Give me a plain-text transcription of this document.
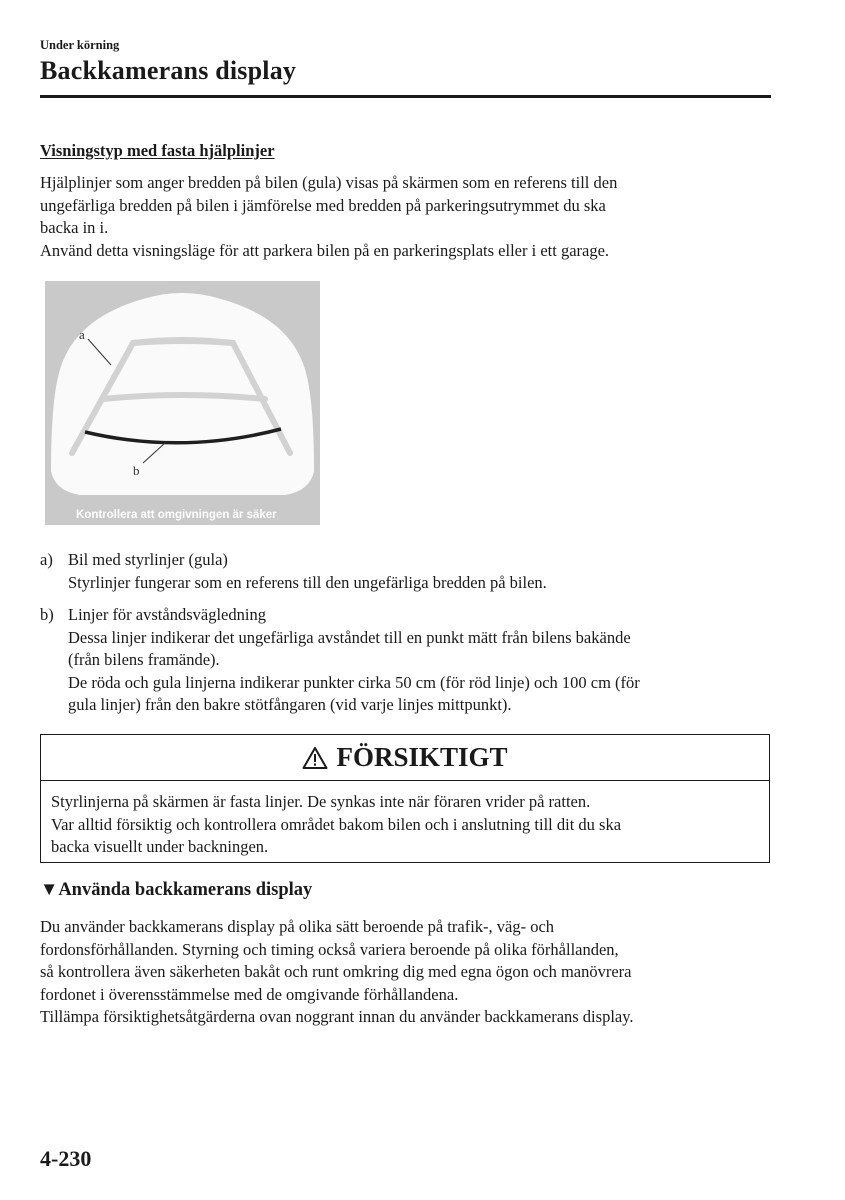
Under körning
Backkamerans display
Visningstyp med fasta hjälplinjer
Hjälplinjer som anger bredden på bilen (gula) visas på skärmen som en referens till den
ungefärliga bredden på bilen i jämförelse med bredden på parkeringsutrymmet du ska
backa in i.
Använd detta visningsläge för att parkera bilen på en parkeringsplats eller i ett garage.
a
b
Kontrollera att omgivningen är säker
a) Bil med styrlinjer (gula)
Styrlinjer fungerar som en referens till den ungefärliga bredden på bilen.
b) Linjer för avståndsvägledning
Dessa linjer indikerar det ungefärliga avståndet till en punkt mätt från bilens bakände
(från bilens framände).
De röda och gula linjerna indikerar punkter cirka 50 cm (för röd linje) och 100 cm (för
gula linjer) från den bakre stötfångaren (vid varje linjes mittpunkt).
FÖRSIKTIGT
Styrlinjerna på skärmen är fasta linjer. De synkas inte när föraren vrider på ratten.
Var alltid försiktig och kontrollera området bakom bilen och i anslutning till dit du ska
backa visuellt under backningen.
▼Använda backkamerans display
Du använder backkamerans display på olika sätt beroende på trafik-, väg- och
fordonsförhållanden. Styrning och timing också variera beroende på olika förhållanden,
så kontrollera även säkerheten bakåt och runt omkring dig med egna ögon och manövrera
fordonet i överensstämmelse med de omgivande förhållandena.
Tillämpa försiktighetsåtgärderna ovan noggrant innan du använder backkamerans display.
4-230
